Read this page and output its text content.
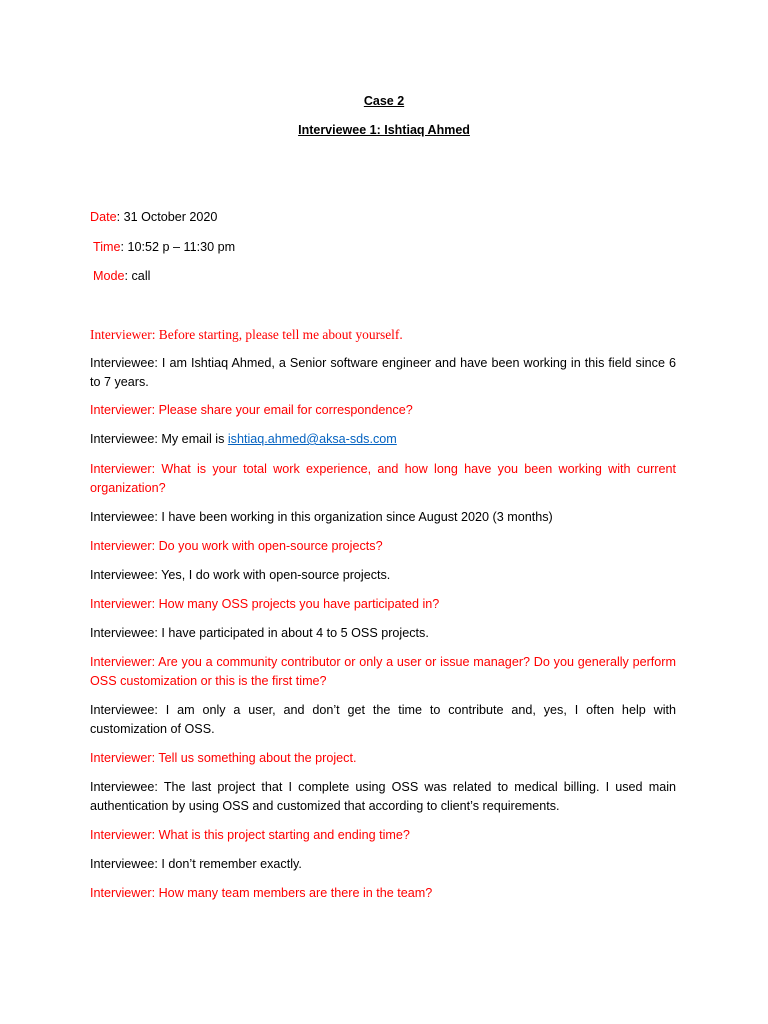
Case 2
Interviewee 1: Ishtiaq Ahmed
Date: 31 October 2020
Time: 10:52 p – 11:30 pm
Mode: call
Interviewer: Before starting, please tell me about yourself.
Interviewee: I am Ishtiaq Ahmed, a Senior software engineer and have been working in this field since 6 to 7 years.
Interviewer: Please share your email for correspondence?
Interviewee: My email is ishtiaq.ahmed@aksa-sds.com
Interviewer: What is your total work experience, and how long have you been working with current organization?
Interviewee: I have been working in this organization since August 2020 (3 months)
Interviewer: Do you work with open-source projects?
Interviewee: Yes, I do work with open-source projects.
Interviewer: How many OSS projects you have participated in?
Interviewee: I have participated in about 4 to 5 OSS projects.
Interviewer: Are you a community contributor or only a user or issue manager? Do you generally perform OSS customization or this is the first time?
Interviewee: I am only a user, and don’t get the time to contribute and, yes, I often help with customization of OSS.
Interviewer: Tell us something about the project.
Interviewee: The last project that I complete using OSS was related to medical billing. I used main authentication by using OSS and customized that according to client’s requirements.
Interviewer: What is this project starting and ending time?
Interviewee: I don’t remember exactly.
Interviewer: How many team members are there in the team?
